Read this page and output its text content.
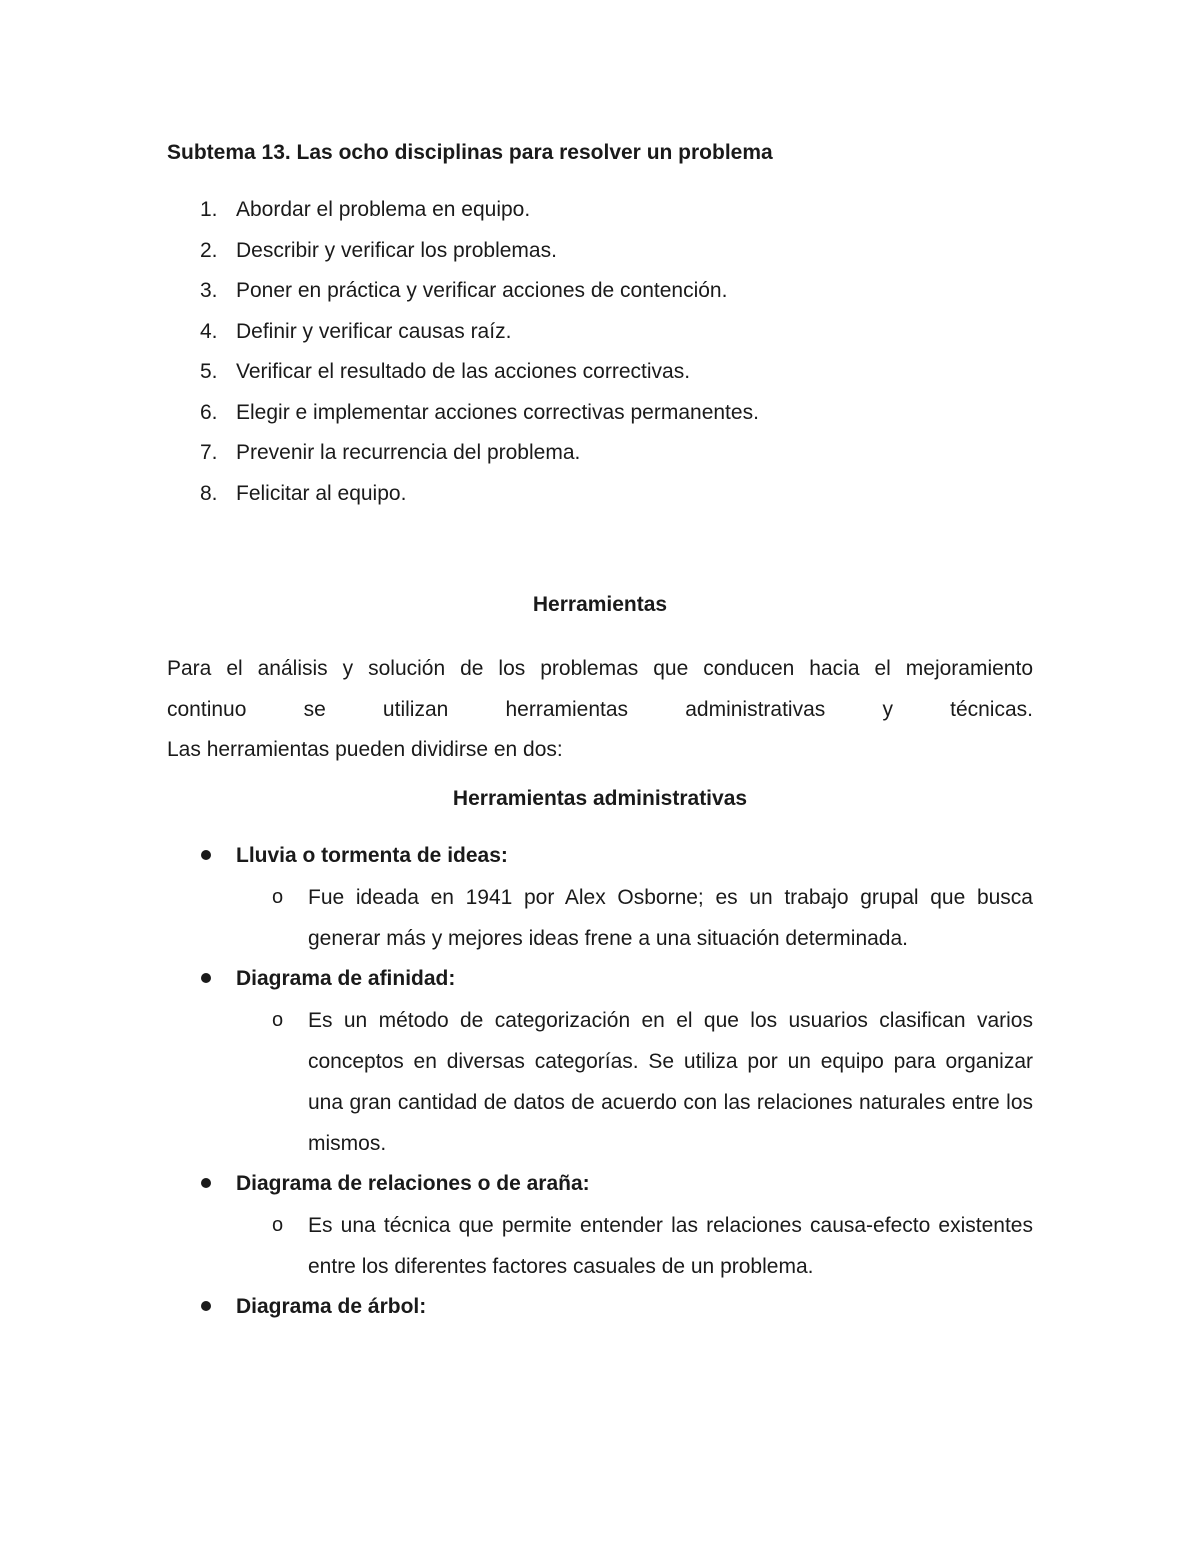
Subtema 13. Las ocho disciplinas para resolver un problema
1. Abordar el problema en equipo.
2. Describir y verificar los problemas.
3. Poner en práctica y verificar acciones de contención.
4. Definir y verificar causas raíz.
5. Verificar el resultado de las acciones correctivas.
6. Elegir e implementar acciones correctivas permanentes.
7. Prevenir la recurrencia del problema.
8. Felicitar al equipo.
Herramientas
Para el análisis y solución de los problemas que conducen hacia el mejoramiento
continuo se utilizan herramientas administrativas y técnicas.
Las herramientas pueden dividirse en dos:
Herramientas administrativas
Lluvia o tormenta de ideas:
o Fue ideada en 1941 por Alex Osborne; es un trabajo grupal que busca generar más y mejores ideas frene a una situación determinada.
Diagrama de afinidad:
o Es un método de categorización en el que los usuarios clasifican varios conceptos en diversas categorías. Se utiliza por un equipo para organizar una gran cantidad de datos de acuerdo con las relaciones naturales entre los mismos.
Diagrama de relaciones o de araña:
o Es una técnica que permite entender las relaciones causa-efecto existentes entre los diferentes factores casuales de un problema.
Diagrama de árbol:
